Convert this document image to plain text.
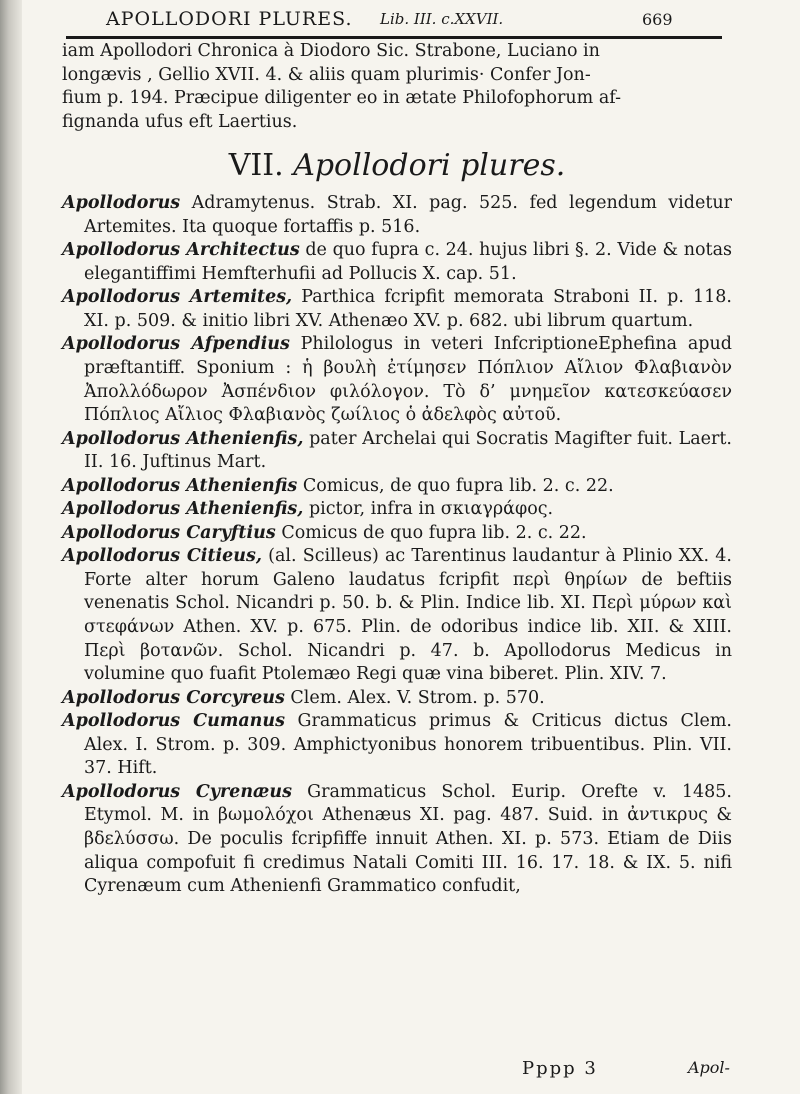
APOLLODORI PLURES. Lib. III. c.XXVII.	669

iam Apollodori Chronica à Diodoro Sic. Strabone, Luciano in

longævis , Gellio XVII. 4. & aliis quam plurimis· Confer Jon-

fium p. 194. Præcipue diligenter eo in ætate Philofophorum af-

fignanda ufus eft Laertius.

VII. Apollodori plures.

Apollodorus Adramytenus. Strab. XI. pag. 525. fed legendum videtur Artemites. Ita quoque fortaffis p. 516.

Apollodorus Architectus de quo fupra c. 24. hujus libri §. 2. Vide & notas elegantiffimi Hemfterhufii ad Pollucis X. cap. 51.

Apollodorus Artemites, Parthica fcripfit memorata Straboni II. p. 118. XI. p. 509. & initio libri XV. Athenæo XV. p. 682. ubi librum quartum.

Apollodorus Afpendius Philologus in veteri InfcriptioneEphefina apud præftantiff. Sponium : ἡ βουλὴ ἐτίμησεν Πόπλιον Αἴλιον Φλαβιανὸν Ἀπολλόδωρον Ἀσπένδιον φιλόλογον. Τὸ δ’ μνημεῖον κατεσκεύασεν Πόπλιος Αἴλιος Φλαβιανὸς ζωίλιος ὁ ἀδελφὸς αὐτοῦ.

Apollodorus Athenienfis, pater Archelai qui Socratis Magifter fuit. Laert. II. 16. Juftinus Mart.

Apollodorus Athenienfis Comicus, de quo fupra lib. 2. c. 22.

Apollodorus Athenienfis, pictor, infra in σκιαγράφος.

Apollodorus Caryftius Comicus de quo fupra lib. 2. c. 22.

Apollodorus Citieus, (al. Scilleus) ac Tarentinus laudantur à Plinio XX. 4. Forte alter horum Galeno laudatus fcripfit περὶ θηρίων de beftiis venenatis Schol. Nicandri p. 50. b. & Plin. Indice lib. XI. Περὶ μύρων καὶ στεφάνων Athen. XV. p. 675. Plin. de odoribus indice lib. XII. & XIII. Περὶ βοτανῶν. Schol. Nicandri p. 47. b. Apollodorus Medicus in volumine quo fuafit Ptolemæo Regi quæ vina biberet. Plin. XIV. 7.

Apollodorus Corcyreus Clem. Alex. V. Strom. p. 570.

Apollodorus Cumanus Grammaticus primus & Criticus dictus Clem. Alex. I. Strom. p. 309. Amphictyonibus honorem tribuentibus. Plin. VII. 37. Hift.

Apollodorus Cyrenæus Grammaticus Schol. Eurip. Orefte v. 1485. Etymol. M. in βωμολόχοι Athenæus XI. pag. 487. Suid. in ἀντικρυς & βδελύσσω. De poculis fcripfiffe innuit Athen. XI. p. 573. Etiam de Diis aliqua compofuit fi credimus Natali Comiti III. 16. 17. 18. & IX. 5. nifi Cyrenæum cum Athenienfi Grammatico confudit,

Pppp 3	Apol-
